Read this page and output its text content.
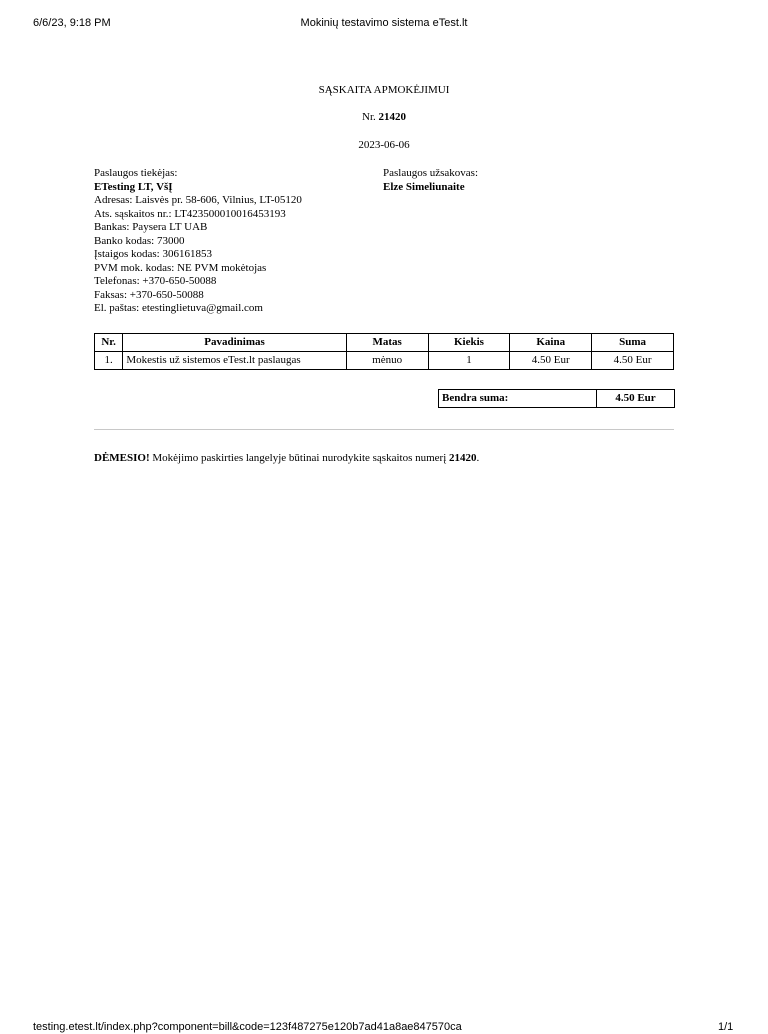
6/6/23, 9:18 PM	Mokinių testavimo sistema eTest.lt
SĄSKAITA APMOKĖJIMUI
Nr. 21420
2023-06-06
Paslaugos tiekėjas:
ETesting LT, VšĮ
Adresas: Laisvės pr. 58-606, Vilnius, LT-05120
Ats. sąskaitos nr.: LT423500010016453193
Bankas: Paysera LT UAB
Banko kodas: 73000
Įstaigos kodas: 306161853
PVM mok. kodas: NE PVM mokėtojas
Telefonas: +370-650-50088
Faksas: +370-650-50088
El. paštas: etestinglietuva@gmail.com
Paslaugos užsakovas:
Elze Simeliunaite
Nr.	Pavadinimas	Matas	Kiekis	Kaina	Suma
1.	Mokestis už sistemos eTest.lt paslaugas	mėnuo	1	4.50 Eur	4.50 Eur
Bendra suma:	4.50 Eur
DĖMESIO! Mokėjimo paskirties langelyje būtinai nurodykite sąskaitos numerį 21420.
testing.etest.lt/index.php?component=bill&code=123f487275e120b7ad41a8ae847570ca	1/1
